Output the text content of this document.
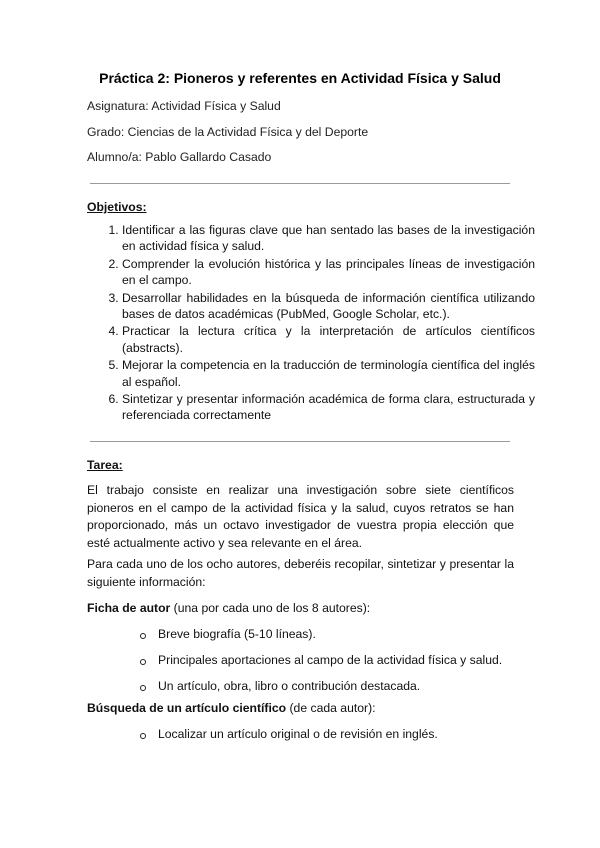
Práctica 2: Pioneros y referentes en Actividad Física y Salud
Asignatura: Actividad Física y Salud
Grado: Ciencias de la Actividad Física y del Deporte
Alumno/a: Pablo Gallardo Casado
Objetivos:
1. Identificar a las figuras clave que han sentado las bases de la investigación en actividad física y salud.
2. Comprender la evolución histórica y las principales líneas de investigación en el campo.
3. Desarrollar habilidades en la búsqueda de información científica utilizando bases de datos académicas (PubMed, Google Scholar, etc.).
4. Practicar la lectura crítica y la interpretación de artículos científicos (abstracts).
5. Mejorar la competencia en la traducción de terminología científica del inglés al español.
6. Sintetizar y presentar información académica de forma clara, estructurada y referenciada correctamente
Tarea:

El trabajo consiste en realizar una investigación sobre siete científicos pioneros en el campo de la actividad física y la salud, cuyos retratos se han proporcionado, más un octavo investigador de vuestra propia elección que esté actualmente activo y sea relevante en el área.

Para cada uno de los ocho autores, deberéis recopilar, sintetizar y presentar la siguiente información:

Ficha de autor (una por cada uno de los 8 autores):
Breve biografía (5-10 líneas).
Principales aportaciones al campo de la actividad física y salud.
Un artículo, obra, libro o contribución destacada.
Búsqueda de un artículo científico (de cada autor):
Localizar un artículo original o de revisión en inglés.
